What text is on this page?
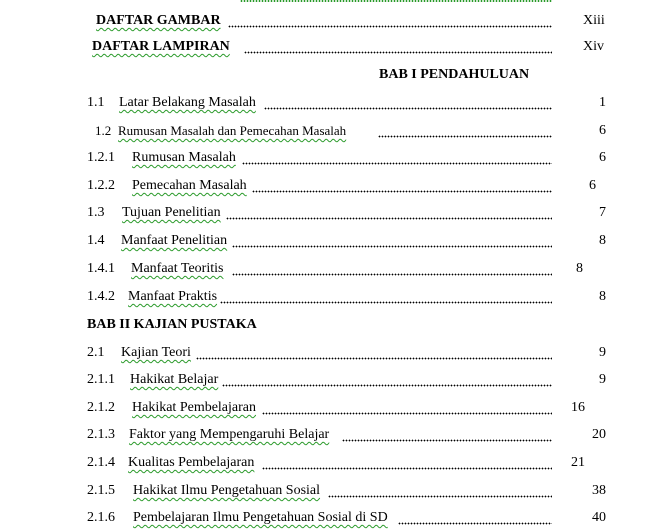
DAFTAR GAMBAR	Xiii
DAFTAR LAMPIRAN	Xiv
BAB I PENDAHULUAN
1.1 Latar Belakang Masalah	1
1.2 Rumusan Masalah dan Pemecahan Masalah	6
1.2.1 Rumusan Masalah	6
1.2.2 Pemecahan Masalah	6
1.3 Tujuan Penelitian	7
1.4 Manfaat Penelitian	8
1.4.1 Manfaat Teoritis	8
1.4.2 Manfaat Praktis	8
BAB II KAJIAN PUSTAKA
2.1 Kajian Teori	9
2.1.1 Hakikat Belajar	9
2.1.2 Hakikat Pembelajaran	16
2.1.3 Faktor yang Mempengaruhi Belajar	20
2.1.4 Kualitas Pembelajaran	21
2.1.5 Hakikat Ilmu Pengetahuan Sosial	38
2.1.6 Pembelajaran Ilmu Pengetahuan Sosial di SD	40
